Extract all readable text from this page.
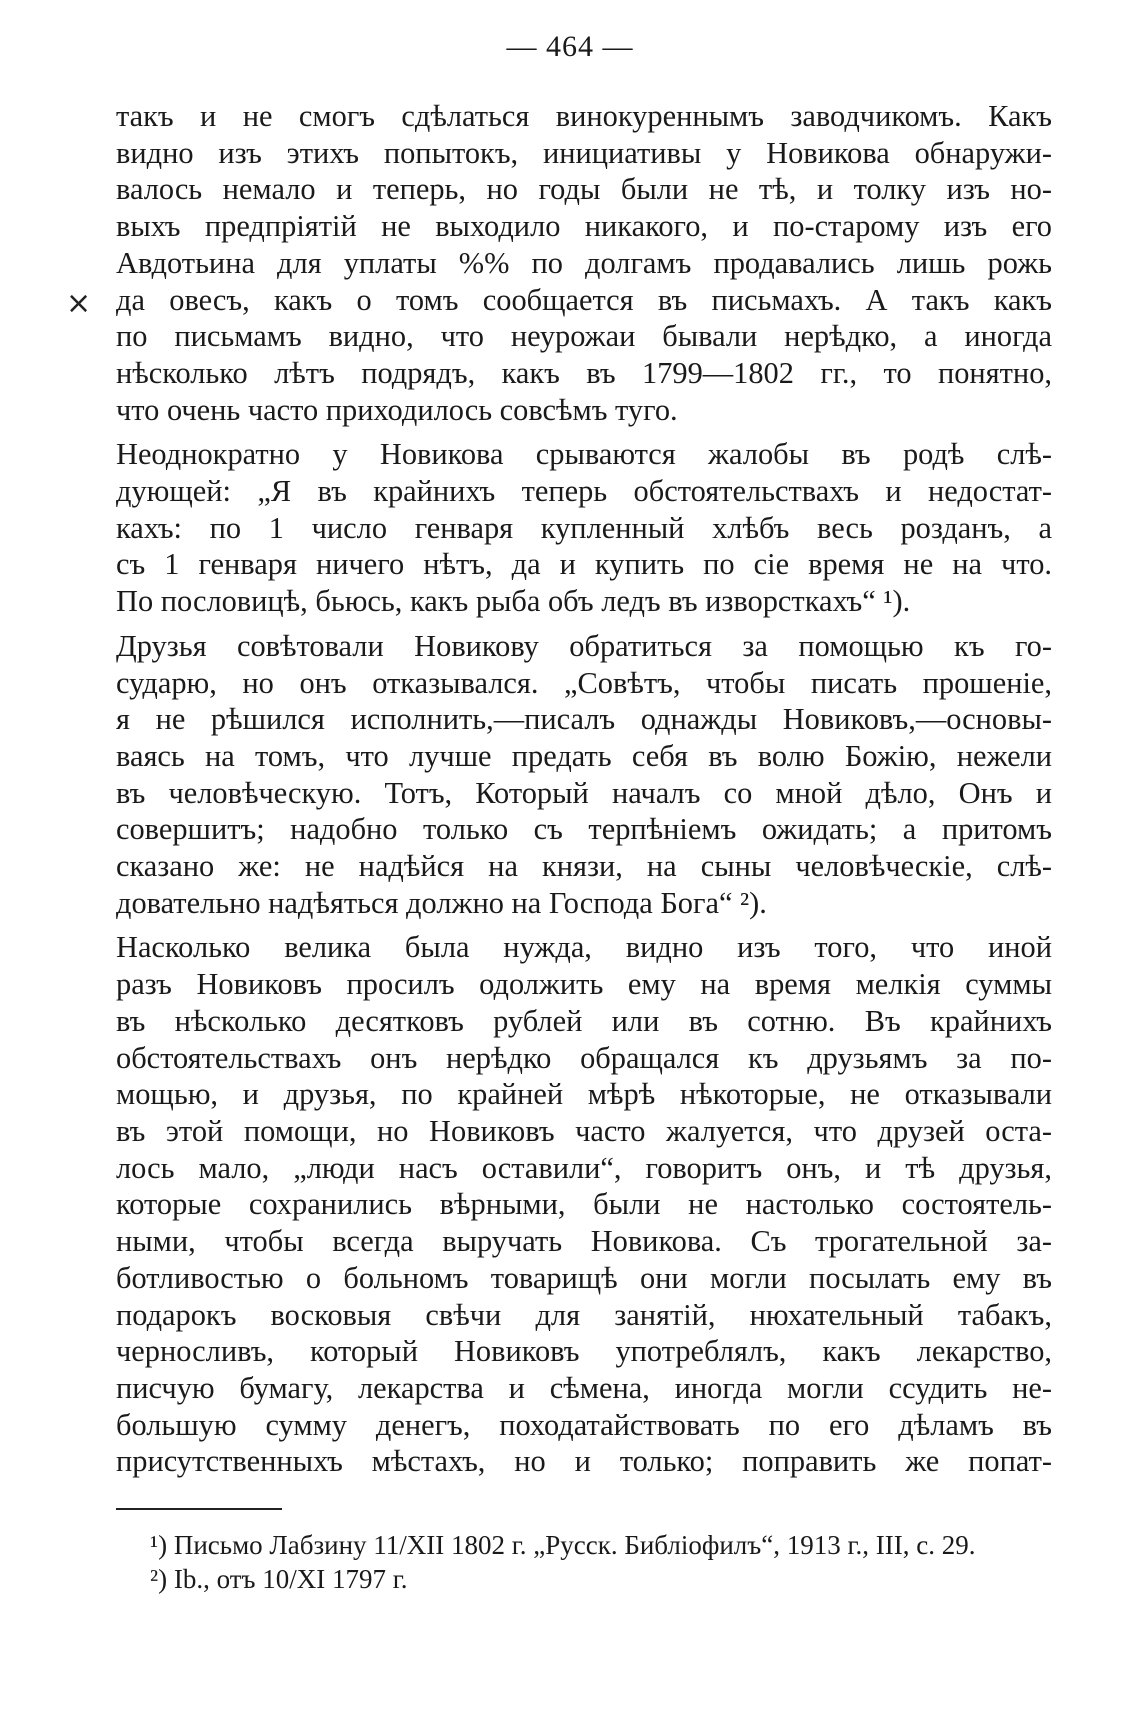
— 464 —
×
такъ и не смогъ сдѣлаться винокуреннымъ заводчикомъ. Какъ
видно изъ этихъ попытокъ, инициативы у Новикова обнаружи-
валось немало и теперь, но годы были не тѣ, и толку изъ но-
выхъ предпріятій не выходило никакого, и по-старому изъ его
Авдотьина для уплаты %% по долгамъ продавались лишь рожь
да овесъ, какъ о томъ сообщается въ письмахъ. А такъ какъ
по письмамъ видно, что неурожаи бывали нерѣдко, а иногда
нѣсколько лѣтъ подрядъ, какъ въ 1799—1802 гг., то понятно,
что очень часто приходилось совсѣмъ туго.
Неоднократно у Новикова срываются жалобы въ родѣ слѣ-
дующей: „Я въ крайнихъ теперь обстоятельствахъ и недостат-
кахъ: по 1 число генваря купленный хлѣбъ весь розданъ, а
съ 1 генваря ничего нѣтъ, да и купить по сіе время не на что.
По пословицѣ, бьюсь, какъ рыба объ ледъ въ изворсткахъ“ ¹).
Друзья совѣтовали Новикову обратиться за помощью къ го-
сударю, но онъ отказывался. „Совѣтъ, чтобы писать прошеніе,
я не рѣшился исполнить,—писалъ однажды Новиковъ,—основы-
ваясь на томъ, что лучше предать себя въ волю Божію, нежели
въ человѣческую. Тотъ, Который началъ со мной дѣло, Онъ и
совершитъ; надобно только съ терпѣніемъ ожидать; а притомъ
сказано же: не надѣйся на князи, на сыны человѣческіе, слѣ-
довательно надѣяться должно на Господа Бога“ ²).
Насколько велика была нужда, видно изъ того, что иной
разъ Новиковъ просилъ одолжить ему на время мелкія суммы
въ нѣсколько десятковъ рублей или въ сотню. Въ крайнихъ
обстоятельствахъ онъ нерѣдко обращался къ друзьямъ за по-
мощью, и друзья, по крайней мѣрѣ нѣкоторые, не отказывали
въ этой помощи, но Новиковъ часто жалуется, что друзей оста-
лось мало, „люди насъ оставили“, говоритъ онъ, и тѣ друзья,
которые сохранились вѣрными, были не настолько состоятель-
ными, чтобы всегда выручать Новикова. Съ трогательной за-
ботливостью о больномъ товарищѣ они могли посылать ему въ
подарокъ восковыя свѣчи для занятій, нюхательный табакъ,
черносливъ, который Новиковъ употреблялъ, какъ лекарство,
писчую бумагу, лекарства и сѣмена, иногда могли ссудить не-
большую сумму денегъ, походатайствовать по его дѣламъ въ
присутственныхъ мѣстахъ, но и только; поправить же попат-
¹) Письмо Лабзину 11/XII 1802 г. „Русск. Библіофилъ“, 1913 г., III, с. 29.
²) Ib., отъ 10/XI 1797 г.
